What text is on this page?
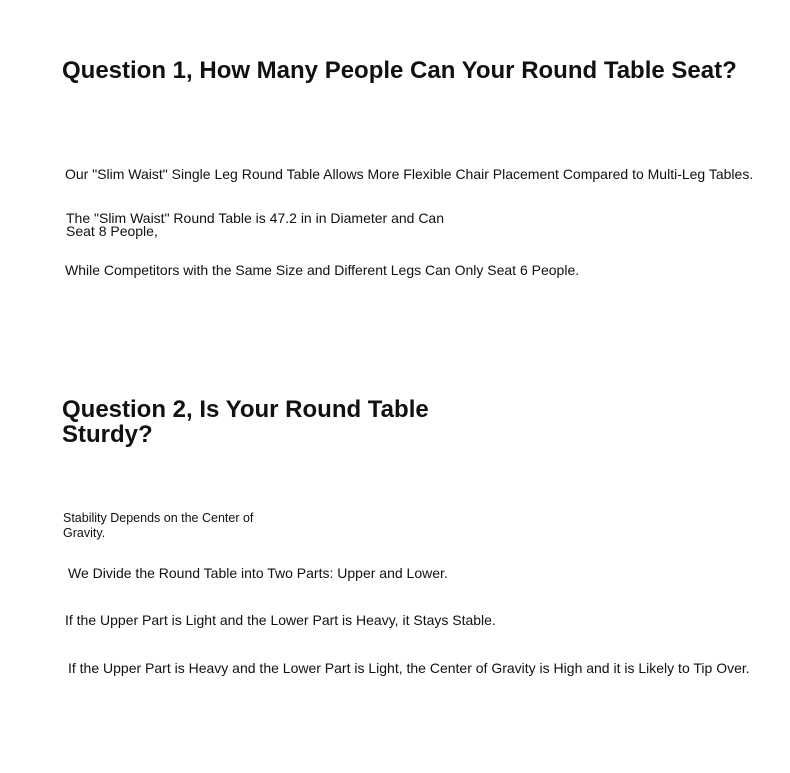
Question 1, How Many People Can Your Round Table Seat?

Our "Slim Waist" Single Leg Round Table Allows More Flexible Chair Placement Compared to Multi-Leg Tables.

The "Slim Waist" Round Table is 47.2 in in Diameter and Can

Seat 8 People,

While Competitors with the Same Size and Different Legs Can Only Seat 6 People.

Question 2, Is Your Round Table
Sturdy?

Stability Depends on the Center of

Gravity.

We Divide the Round Table into Two Parts: Upper and Lower.

If the Upper Part is Light and the Lower Part is Heavy, it Stays Stable.

If the Upper Part is Heavy and the Lower Part is Light, the Center of Gravity is High and it is Likely to Tip Over.
